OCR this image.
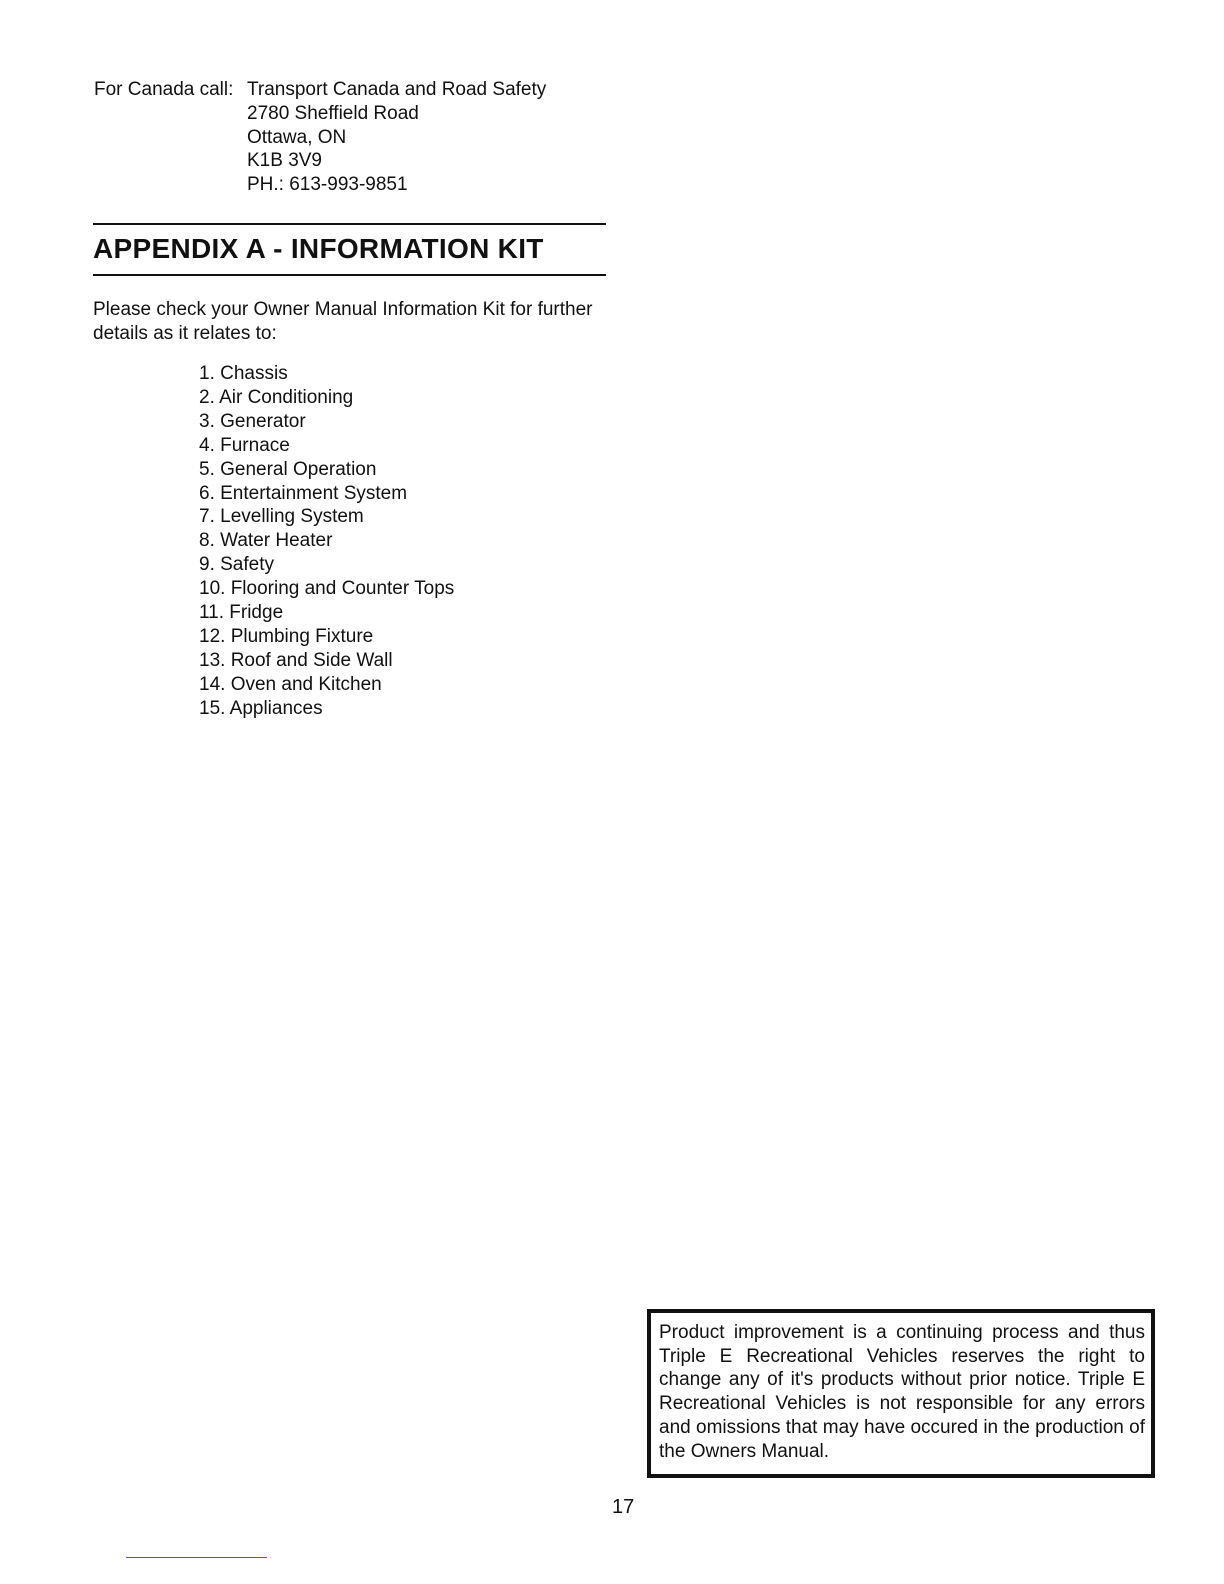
For Canada call: Transport Canada and Road Safety
2780 Sheffield Road
Ottawa, ON
K1B 3V9
PH.: 613-993-9851
APPENDIX A - INFORMATION KIT
Please check your Owner Manual Information Kit for further details as it relates to:
1. Chassis
2. Air Conditioning
3. Generator
4. Furnace
5. General Operation
6. Entertainment System
7. Levelling System
8. Water Heater
9. Safety
10. Flooring and Counter Tops
11. Fridge
12. Plumbing Fixture
13. Roof and Side Wall
14. Oven and Kitchen
15. Appliances
Product improvement is a continuing process and thus Triple E Recreational Vehicles reserves the right to change any of it's products without prior notice. Triple E Recreational Vehicles is not responsible for any errors and omissions that may have occured in the production of the Owners Manual.
17
